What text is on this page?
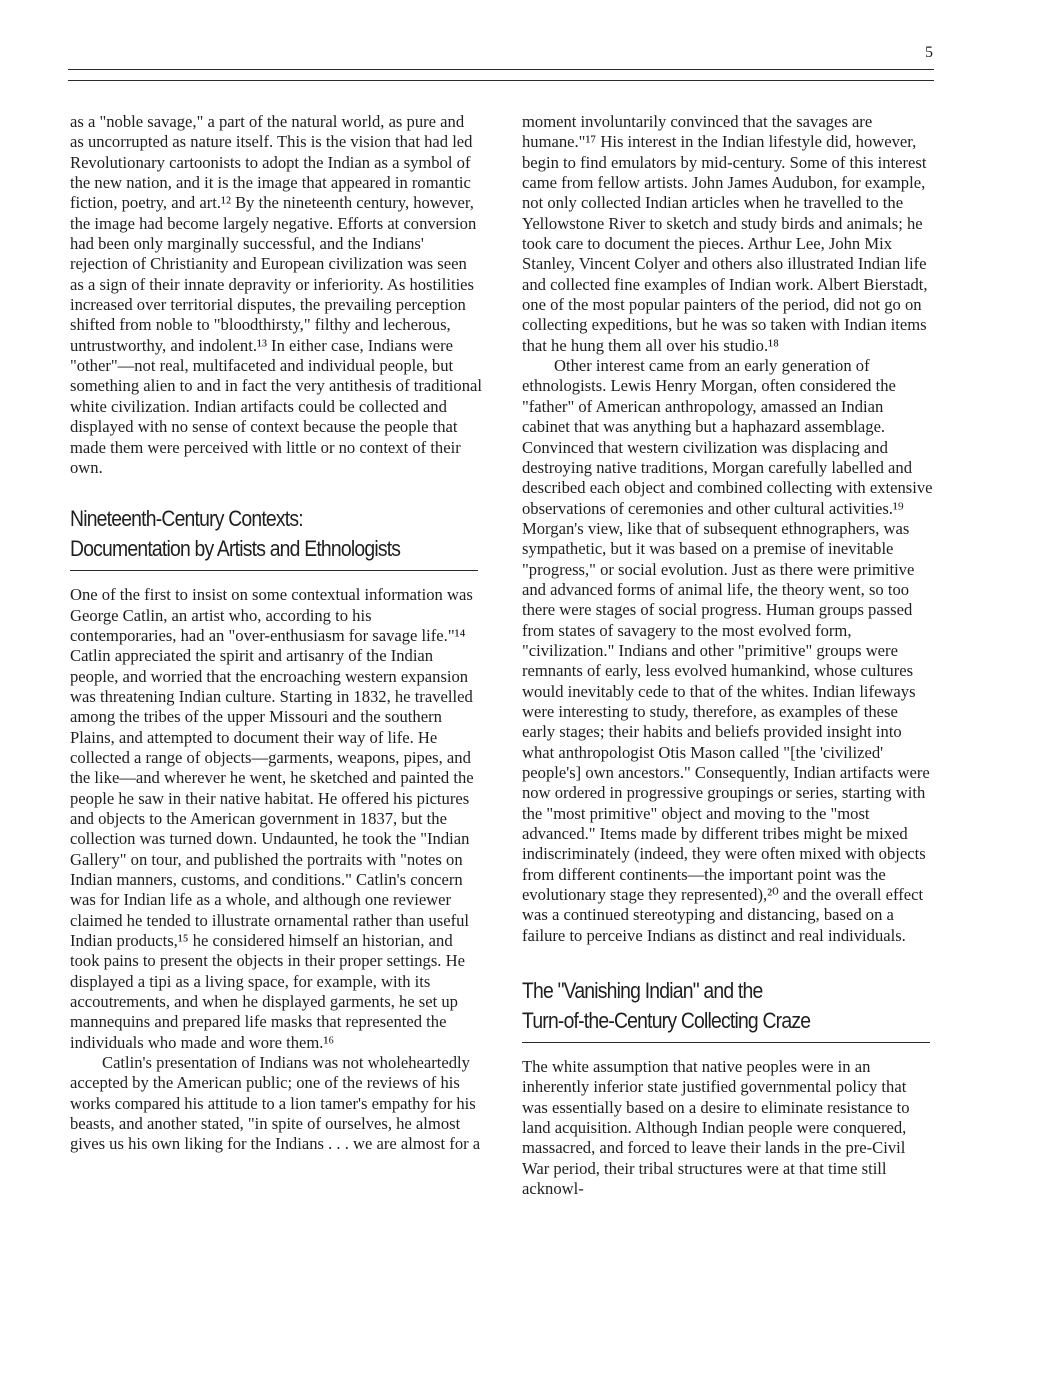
5

as a "noble savage," a part of the natural world, as pure and as uncorrupted as nature itself. This is the vision that had led Revolutionary cartoonists to adopt the Indian as a symbol of the new nation, and it is the image that appeared in romantic fiction, poetry, and art.¹² By the nineteenth century, however, the image had become largely negative. Efforts at conversion had been only marginally successful, and the Indians' rejection of Christianity and European civilization was seen as a sign of their innate depravity or inferiority. As hostilities increased over territorial disputes, the prevailing perception shifted from noble to "bloodthirsty," filthy and lecherous, untrustworthy, and indolent.¹³ In either case, Indians were "other"—not real, multifaceted and individual people, but something alien to and in fact the very antithesis of traditional white civilization. Indian artifacts could be collected and displayed with no sense of context because the people that made them were perceived with little or no context of their own.

Nineteenth-Century Contexts:
Documentation by Artists and Ethnologists

One of the first to insist on some contextual information was George Catlin, an artist who, according to his contemporaries, had an "over-enthusiasm for savage life."¹⁴ Catlin appreciated the spirit and artisanry of the Indian people, and worried that the encroaching western expansion was threatening Indian culture. Starting in 1832, he travelled among the tribes of the upper Missouri and the southern Plains, and attempted to document their way of life. He collected a range of objects—garments, weapons, pipes, and the like—and wherever he went, he sketched and painted the people he saw in their native habitat. He offered his pictures and objects to the American government in 1837, but the collection was turned down. Undaunted, he took the "Indian Gallery" on tour, and published the portraits with "notes on Indian manners, customs, and conditions." Catlin's concern was for Indian life as a whole, and although one reviewer claimed he tended to illustrate ornamental rather than useful Indian products,¹⁵ he considered himself an historian, and took pains to present the objects in their proper settings. He displayed a tipi as a living space, for example, with its accoutrements, and when he displayed garments, he set up mannequins and prepared life masks that represented the individuals who made and wore them.¹⁶

Catlin's presentation of Indians was not wholeheartedly accepted by the American public; one of the reviews of his works compared his attitude to a lion tamer's empathy for his beasts, and another stated, "in spite of ourselves, he almost gives us his own liking for the Indians . . . we are almost for a

moment involuntarily convinced that the savages are humane."¹⁷ His interest in the Indian lifestyle did, however, begin to find emulators by mid-century. Some of this interest came from fellow artists. John James Audubon, for example, not only collected Indian articles when he travelled to the Yellowstone River to sketch and study birds and animals; he took care to document the pieces. Arthur Lee, John Mix Stanley, Vincent Colyer and others also illustrated Indian life and collected fine examples of Indian work. Albert Bierstadt, one of the most popular painters of the period, did not go on collecting expeditions, but he was so taken with Indian items that he hung them all over his studio.¹⁸

Other interest came from an early generation of ethnologists. Lewis Henry Morgan, often considered the "father" of American anthropology, amassed an Indian cabinet that was anything but a haphazard assemblage. Convinced that western civilization was displacing and destroying native traditions, Morgan carefully labelled and described each object and combined collecting with extensive observations of ceremonies and other cultural activities.¹⁹ Morgan's view, like that of subsequent ethnographers, was sympathetic, but it was based on a premise of inevitable "progress," or social evolution. Just as there were primitive and advanced forms of animal life, the theory went, so too there were stages of social progress. Human groups passed from states of savagery to the most evolved form, "civilization." Indians and other "primitive" groups were remnants of early, less evolved humankind, whose cultures would inevitably cede to that of the whites. Indian lifeways were interesting to study, therefore, as examples of these early stages; their habits and beliefs provided insight into what anthropologist Otis Mason called "[the 'civilized' people's] own ancestors." Consequently, Indian artifacts were now ordered in progressive groupings or series, starting with the "most primitive" object and moving to the "most advanced." Items made by different tribes might be mixed indiscriminately (indeed, they were often mixed with objects from different continents—the important point was the evolutionary stage they represented),²⁰ and the overall effect was a continued stereotyping and distancing, based on a failure to perceive Indians as distinct and real individuals.

The "Vanishing Indian" and the
Turn-of-the-Century Collecting Craze

The white assumption that native peoples were in an inherently inferior state justified governmental policy that was essentially based on a desire to eliminate resistance to land acquisition. Although Indian people were conquered, massacred, and forced to leave their lands in the pre-Civil War period, their tribal structures were at that time still acknowl-
